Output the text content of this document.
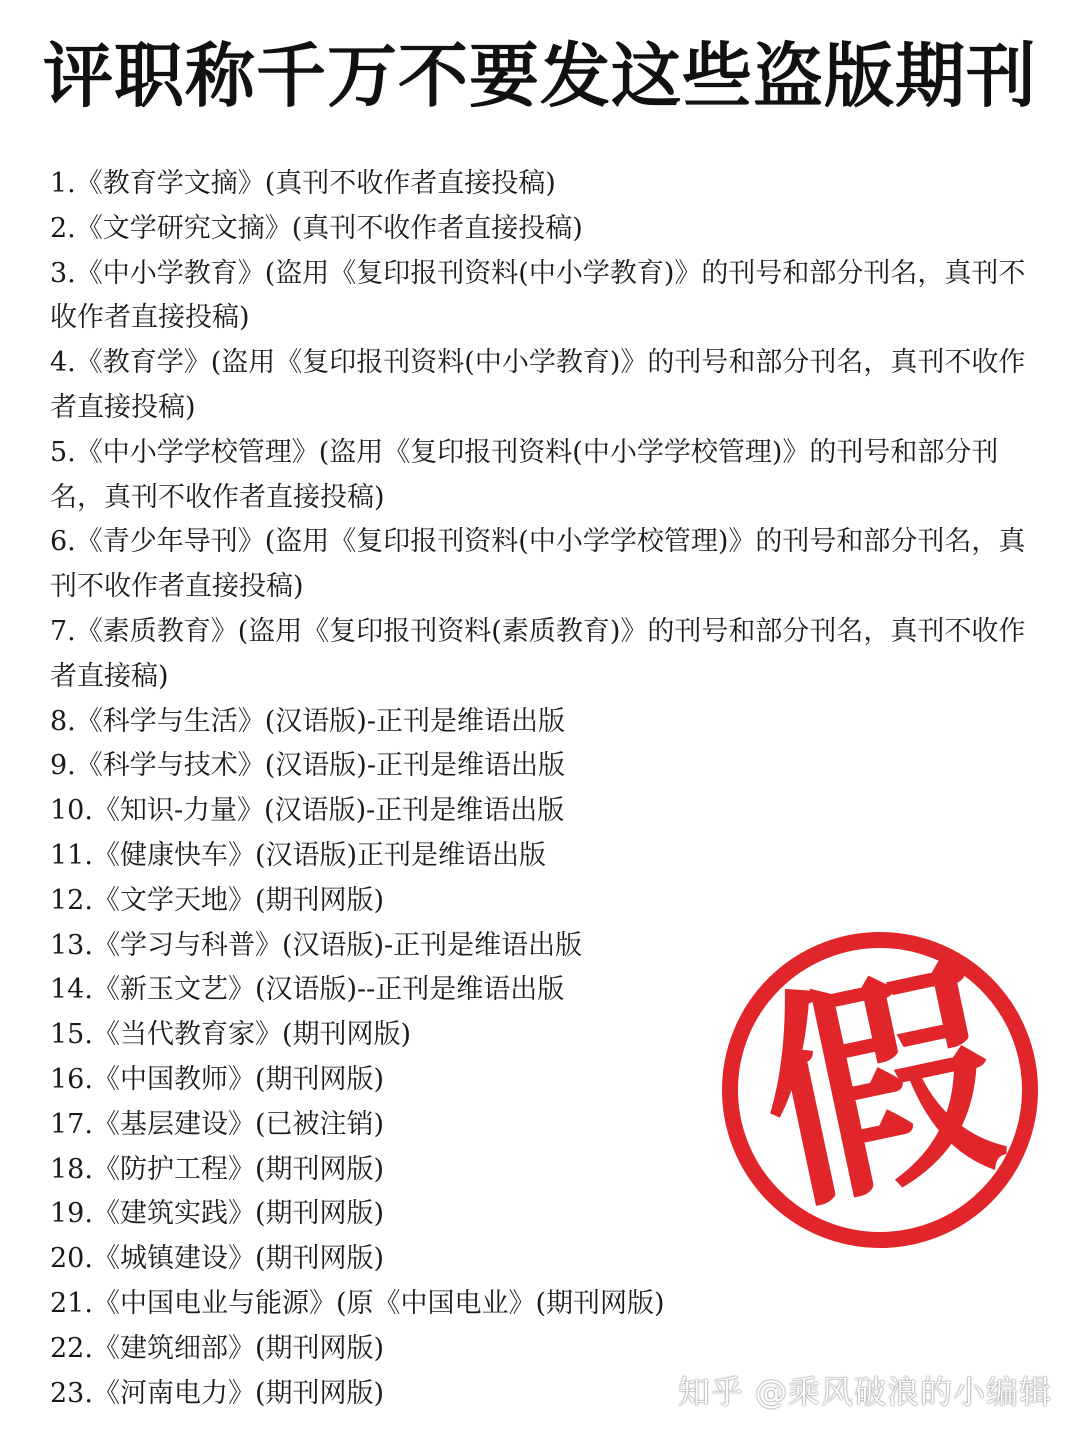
评职称千万不要发这些盗版期刊
1.《教育学文摘》(真刊不收作者直接投稿)
2.《文学研究文摘》(真刊不收作者直接投稿)
3.《中小学教育》(盗用《复印报刊资料(中小学教育)》的刊号和部分刊名，真刊不收作者直接投稿)
4.《教育学》(盗用《复印报刊资料(中小学教育)》的刊号和部分刊名，真刊不收作者直接投稿)
5.《中小学学校管理》(盗用《复印报刊资料(中小学学校管理)》的刊号和部分刊名，真刊不收作者直接投稿)
6.《青少年导刊》(盗用《复印报刊资料(中小学学校管理)》的刊号和部分刊名，真刊不收作者直接投稿)
7.《素质教育》(盗用《复印报刊资料(素质教育)》的刊号和部分刊名，真刊不收作者直接稿)
8.《科学与生活》(汉语版)-正刊是维语出版
9.《科学与技术》(汉语版)-正刊是维语出版
10.《知识-力量》(汉语版)-正刊是维语出版
11.《健康快车》(汉语版)正刊是维语出版
12.《文学天地》(期刊网版)
13.《学习与科普》(汉语版)-正刊是维语出版
14.《新玉文艺》(汉语版)--正刊是维语出版
15.《当代教育家》(期刊网版)
16.《中国教师》(期刊网版)
17.《基层建设》(已被注销)
18.《防护工程》(期刊网版)
19.《建筑实践》(期刊网版)
20.《城镇建设》(期刊网版)
21.《中国电业与能源》(原《中国电业》(期刊网版)
22.《建筑细部》(期刊网版)
23.《河南电力》(期刊网版)
假
知乎 @乘风破浪的小编辑
